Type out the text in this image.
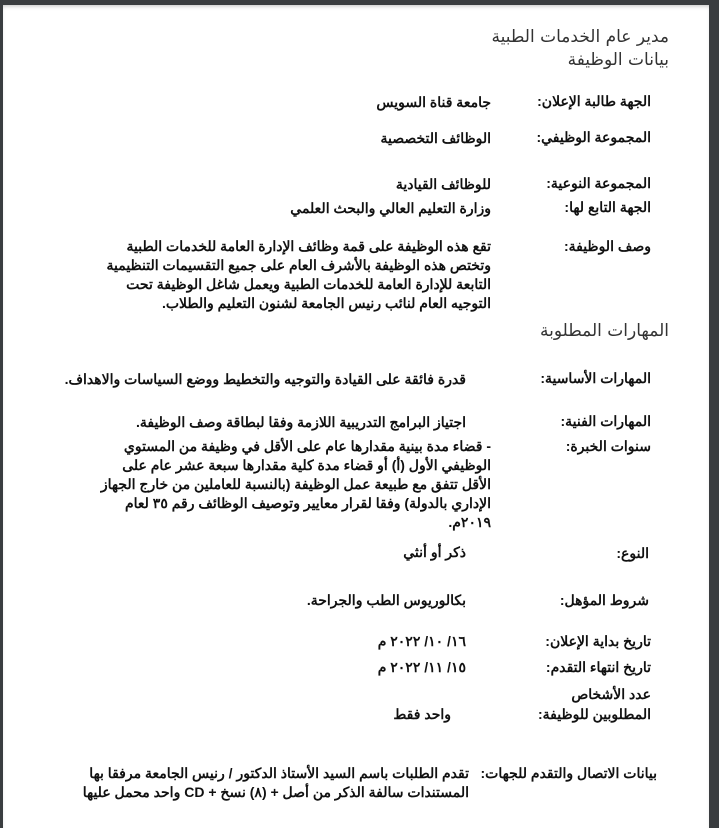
مدير عام الخدمات الطبية
بيانات الوظيفة
الجهة طالبة الإعلان:
جامعة قناة السويس
المجموعة الوظيفي:
الوظائف التخصصية
المجموعة النوعية:
للوظائف القيادية
الجهة التابع لها:
وزارة التعليم العالي والبحث العلمي
وصف الوظيفة:
تقع هذه الوظيفة على قمة وظائف الإدارة العامة للخدمات الطبية وتختص هذه الوظيفة بالأشرف العام على جميع التقسيمات التنظيمية التابعة للإدارة العامة للخدمات الطبية ويعمل شاغل الوظيفة تحت التوجيه العام لنائب رنيس الجامعة لشنون التعليم والطلاب.
المهارات المطلوبة
المهارات الأساسية:
قدرة فائقة على القيادة والتوجيه والتخطيط ووضع السياسات والاهداف.
المهارات الفنية:
اجتياز البرامج التدريبية اللازمة وفقا لبطاقة وصف الوظيفة.
سنوات الخبرة:
- قضاء مدة بينية مقدارها عام على الأقل في وظيفة من المستوي الوظيفي الأول (أ) أو قضاء مدة كلية مقدارها سبعة عشر عام على الأقل تتفق مع طبيعة عمل الوظيفة (بالنسبة للعاملين من خارج الجهاز الإداري بالدولة) وفقا لقرار معايير وتوصيف الوظائف رقم ٣٥ لعام ٢٠١٩م.
النوع:
ذكر أو أنثي
شروط المؤهل:
بكالوريوس الطب والجراحة.
تاريخ بداية الإعلان:
١٦/ ١٠/ ٢٠٢٢ م
تاريخ انتهاء التقدم:
١٥/ ١١/ ٢٠٢٢ م
عدد الأشخاص المطلوبين للوظيفة:
واحد فقط
بيانات الاتصال والتقدم للجهات:
تقدم الطلبات باسم السيد الأستاذ الدكتور / رنيس الجامعة مرفقا بها المستندات سالفة الذكر من أصل + (٨) نسخ + CD واحد محمل عليها
